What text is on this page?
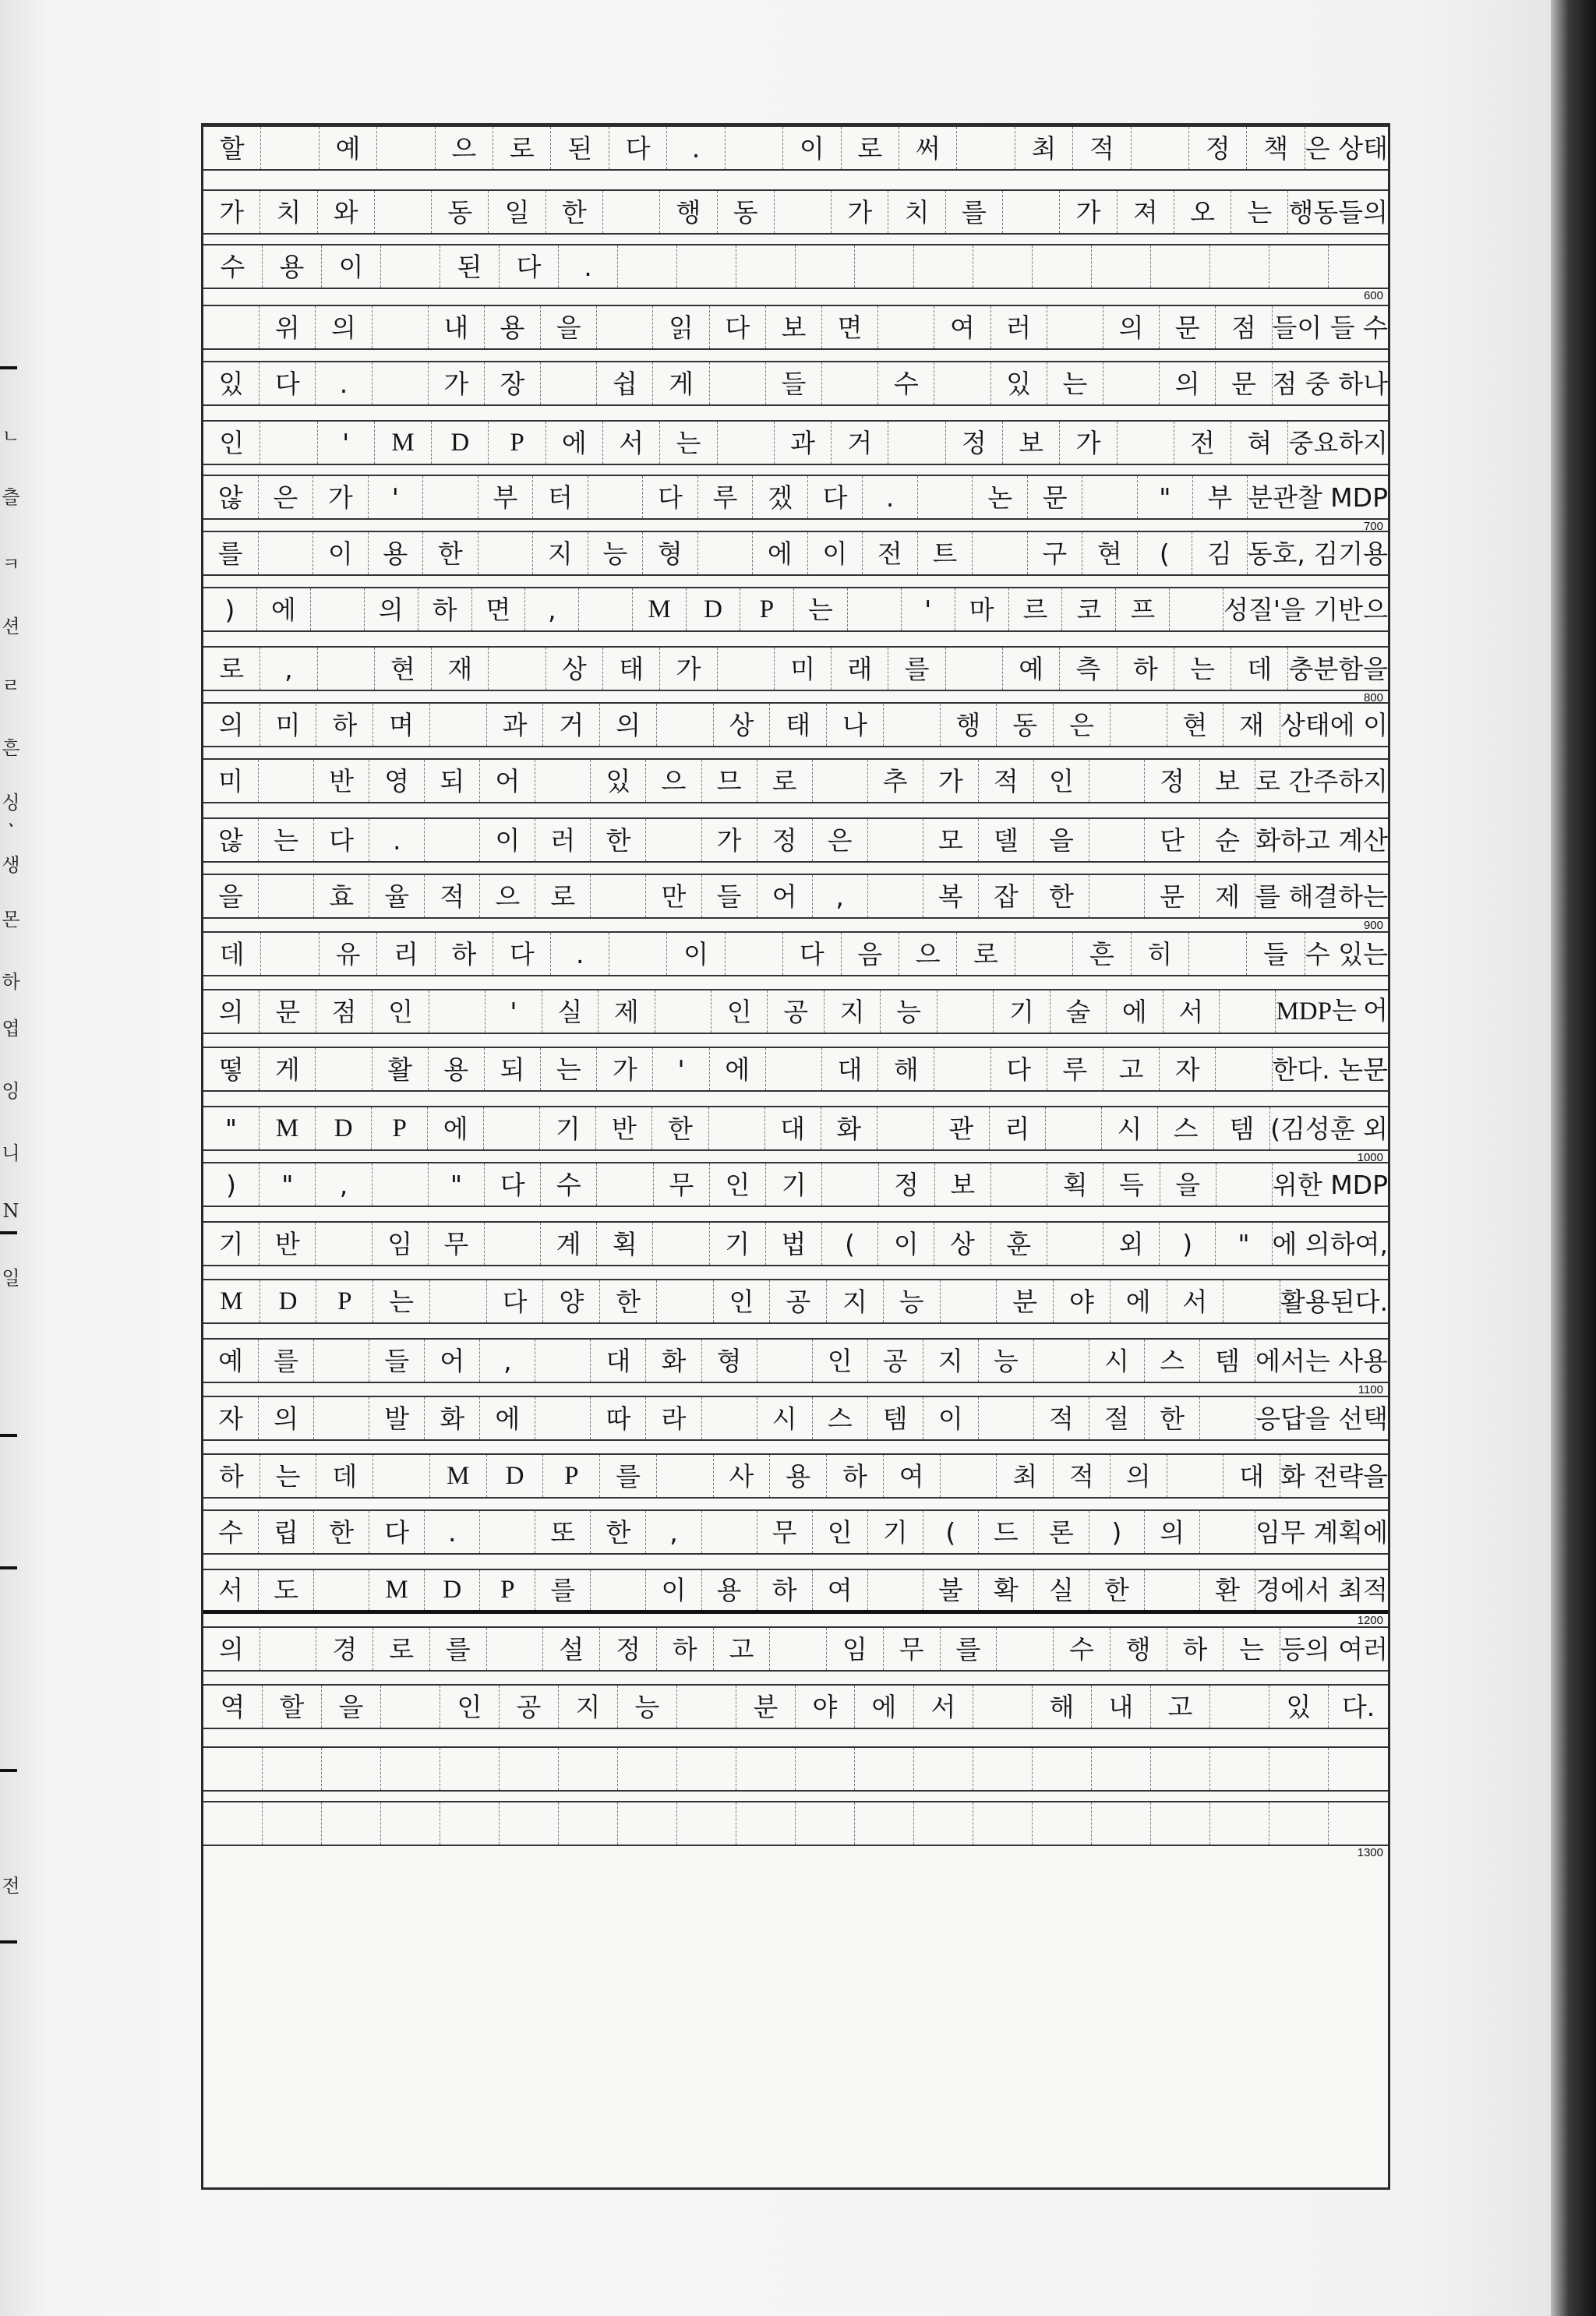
ㄴ
츨
ㅋ
션
ㄹ
흔
싱
ㆍ
생
몬
하
엽
잉
니
N
일
전
할	예	으	로	된	다	.	이	로	써	최	적	정	책 은 상태
가	치	와	동	일	한	행	동	가	치	를	가	져	오	는 행동들의
수	용	이	된	다	.
위	의	내	용	을	읽	다	보	면	여	러	의	문	점 들이 들 수
있	다	.	가	장	쉽	게	들	수	있	는	의	문 점 중 하나
인	'	M	D	P	에	서	는	과	거	정	보	가	전	혀 중요하지
않	은	가	'	부	터	다	루	겠	다	.	논	문	"	부 분관찰 MDP
를	이	용	한	지	능	형	에	이	전	트	구	현	(	김 동호, 김기용
)	에	의	하	면	,	M	D	P	는	'	마	르	코	프	성질'을 기반으
로	,	현	재	상	태	가	미	래	를	예	측	하	는	데 충분함을
의	미	하	며	과	거	의	상	태	나	행	동	은	현	재 상태에 이
미	반	영	되	어	있	으	므	로	추	가	적	인	정	보 로 간주하지
않	는	다	.	이	러	한	가	정	은	모	델	을	단	순 화하고 계산
을	효	율	적	으	로	만	들	어	,	복	잡	한	문	제 를 해결하는
데	유	리	하	다	.	이	다	음	으	로	흔	히	들 수 있는
의	문	점	인	'	실	제	인	공	지	능	기	술	에	서	MDP는 어
떻	게	활	용	되	는	가	'	에	대	해	다	루	고	자	한다. 논문
"	M	D	P	에	기	반	한	대	화	관	리	시	스	템 (김성훈 외
)	"	,	"	다	수	무	인	기	정	보	획	득	을	위한 MDP
기	반	임	무	계	획	기	법	(	이	상	훈	외	)	" 에 의하여,
M	D	P	는	다	양	한	인	공	지	능	분	야	에	서	활용된다.
예	를	들	어	,	대	화	형	인	공	지	능	시	스	템 에서는 사용
자	의	발	화	에	따	라	시	스	템	이	적	절	한	응답을 선택
하	는	데	M	D	P	를	사	용	하	여	최	적	의	대 화 전략을
수	립	한	다	.	또	한	,	무	인	기	(	드	론	)	의	임무 계획에
서	도	M	D	P	를	이	용	하	여	불	확	실	한	환 경에서 최적
의	경	로	를	설	정	하	고	임	무	를	수	행	하	는 등의 여러
역	할	을	인	공	지	능	분	야	에	서	해	내	고	있	다.
600
700
800
900
1000
1100
1200
1300
